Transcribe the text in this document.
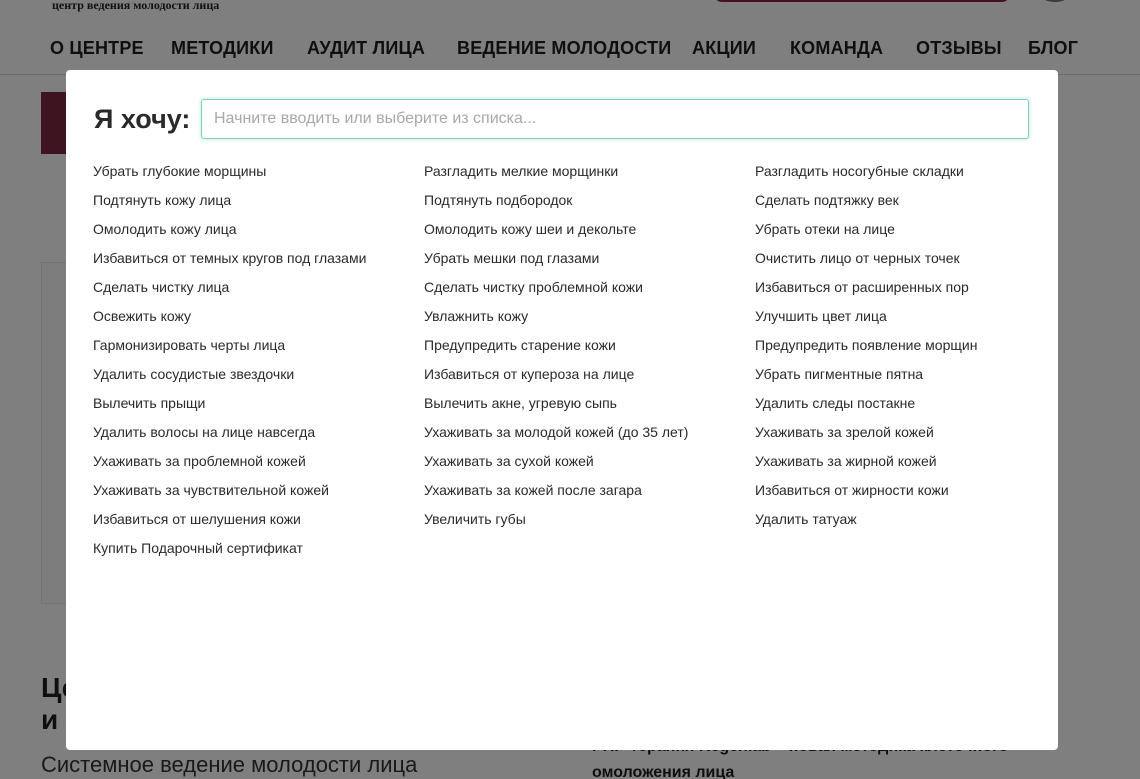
Я хочу:
Начните вводить или выберите из списка...
Убрать глубокие морщины
Подтянуть кожу лица
Омолодить кожу лица
Избавиться от темных кругов под глазами
Сделать чистку лица
Освежить кожу
Гармонизировать черты лица
Удалить сосудистые звездочки
Вылечить прыщи
Удалить волосы на лице навсегда
Ухаживать за проблемной кожей
Ухаживать за чувствительной кожей
Избавиться от шелушения кожи
Купить Подарочный сертификат
Разгладить мелкие морщинки
Подтянуть подбородок
Омолодить кожу шеи и декольте
Убрать мешки под глазами
Сделать чистку проблемной кожи
Увлажнить кожу
Предупредить старение кожи
Избавиться от купероза на лице
Вылечить акне, угревую сыпь
Ухаживать за молодой кожей (до 35 лет)
Ухаживать за сухой кожей
Ухаживать за кожей после загара
Увеличить губы
Разгладить носогубные складки
Сделать подтяжку век
Убрать отеки на лице
Очистить лицо от черных точек
Избавиться от расширенных пор
Улучшить цвет лица
Предупредить появление морщин
Убрать пигментные пятна
Удалить следы постакне
Ухаживать за зрелой кожей
Ухаживать за жирной кожей
Избавиться от жирности кожи
Удалить татуаж
